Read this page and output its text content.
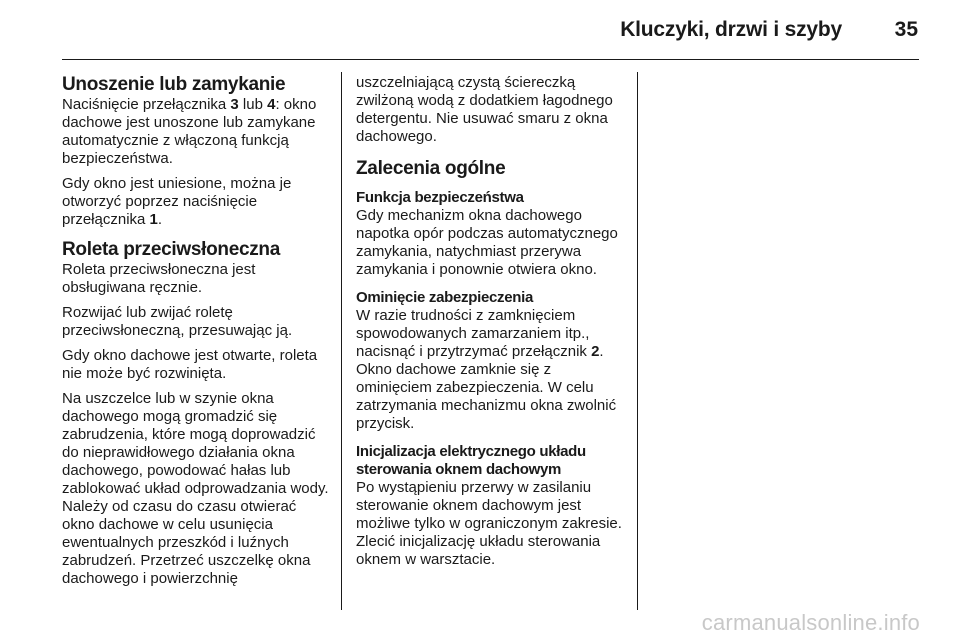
Kluczyki, drzwi i szyby	35
Unoszenie lub zamykanie

Naciśnięcie przełącznika 3 lub 4: okno dachowe jest unoszone lub zamykane automatycznie z włączoną funkcją bezpieczeństwa.

Gdy okno jest uniesione, można je otworzyć poprzez naciśnięcie przełącznika 1.

Roleta przeciwsłoneczna

Roleta przeciwsłoneczna jest obsługiwana ręcznie.

Rozwijać lub zwijać roletę przeciwsłoneczną, przesuwając ją.

Gdy okno dachowe jest otwarte, roleta nie może być rozwinięta.

Na uszczelce lub w szynie okna dachowego mogą gromadzić się zabrudzenia, które mogą doprowadzić do nieprawidłowego działania okna dachowego, powodować hałas lub zablokować układ odprowadzania wody. Należy od czasu do czasu otwierać okno dachowe w celu usunięcia ewentualnych przeszkód i luźnych zabrudzeń. Przetrzeć uszczelkę okna dachowego i powierzchnię

uszczelniającą czystą ściereczką zwilżoną wodą z dodatkiem łagodnego detergentu. Nie usuwać smaru z okna dachowego.

Zalecenia ogólne
Funkcja bezpieczeństwa

Gdy mechanizm okna dachowego napotka opór podczas automatycznego zamykania, natychmiast przerywa zamykania i ponownie otwiera okno.

Ominięcie zabezpieczenia

W razie trudności z zamknięciem spowodowanych zamarzaniem itp., nacisnąć i przytrzymać przełącznik 2. Okno dachowe zamknie się z ominięciem zabezpieczenia. W celu zatrzymania mechanizmu okna zwolnić przycisk.

Inicjalizacja elektrycznego układu sterowania oknem dachowym

Po wystąpieniu przerwy w zasilaniu sterowanie oknem dachowym jest możliwe tylko w ograniczonym zakresie. Zlecić inicjalizację układu sterowania oknem w warsztacie.

carmanualsonline.info
